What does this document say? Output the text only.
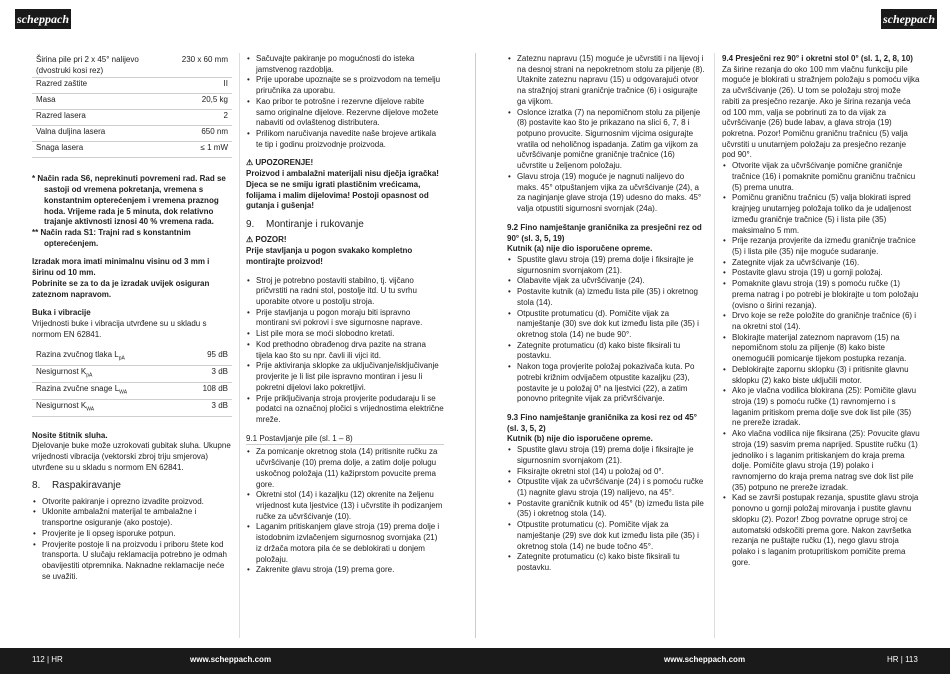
scheppach	scheppach
Širina pile pri 2 x 45° nalijevo (dvostruki kosi rez)	230 x 60 mm
Razred zaštite	II
Masa	20,5 kg
Razred lasera	2
Valna duljina lasera	650 nm
Snaga lasera	≤ 1 mW

* Način rada S6, neprekinuti povremeni rad. Rad se sastoji od vremena pokretanja, vremena s konstantnim opterećenjem i vremena praznog hoda. Vrijeme rada je 5 minuta, dok relativno trajanje aktivnosti iznosi 40 % vremena rada.

** Način rada S1: Trajni rad s konstantnim opterećenjem.

Izradak mora imati minimalnu visinu od 3 mm i širinu od 10 mm.

Pobrinite se za to da je izradak uvijek osiguran zateznom napravom.

Buka i vibracije

Vrijednosti buke i vibracija utvrđene su u skladu s normom EN 62841.

Razina zvučnog tlaka $L_{pA}$	95 dB
Nesigurnost $K_{pA}$	3 dB
Razina zvučne snage $L_{WA}$	108 dB
Nesigurnost $K_{WA}$	3 dB

Nosite štitnik sluha.

Djelovanje buke može uzrokovati gubitak sluha. Ukupne vrijednosti vibracija (vektorski zbroj triju smjerova) utvrđene su u skladu s normom EN 62841.

8. Raspakiravanje
• Otvorite pakiranje i oprezno izvadite proizvod.
• Uklonite ambalažni materijal te ambalažne i transportne osiguranje (ako postoje).
• Provjerite je li opseg isporuke potpun.
• Provjerite postoje li na proizvodu i priboru štete kod transporta. U slučaju reklamacija potrebno je odmah obavijestiti otpremnika. Naknadne reklamacije neće se uvažiti.
• Sačuvajte pakiranje po mogućnosti do isteka jamstvenog razdoblja.
• Prije uporabe upoznajte se s proizvodom na temelju priručnika za uporabu.
• Kao pribor te potrošne i rezervne dijelove rabite samo originalne dijelove. Rezervne dijelove možete nabaviti od ovlaštenog distributera.
• Prilikom naručivanja navedite naše brojeve artikala te tip i godinu proizvodnje proizvoda.

⚠ UPOZORENJE!

Proizvod i ambalažni materijali nisu dječja igračka! Djeca se ne smiju igrati plastičnim vrećicama, folijama i malim dijelovima! Postoji opasnost od gutanja i gušenja!

9. Montiranje i rukovanje

⚠ POZOR!

Prije stavljanja u pogon svakako kompletno montirajte proizvod!

• Stroj je potrebno postaviti stabilno, tj. vijčano pričvrstiti na radni stol, postolje itd. U tu svrhu uporabite otvore u postolju stroja.
• Prije stavljanja u pogon moraju biti ispravno montirani svi pokrovi i sve sigurnosne naprave.
• List pile mora se moći slobodno kretati.
• Kod prethodno obrađenog drva pazite na strana tijela kao što su npr. čavli ili vijci itd.
• Prije aktiviranja sklopke za uključivanje/isključivanje provjerite je li list pile ispravno montiran i jesu li pokretni dijelovi lako pokretljivi.
• Prije priključivanja stroja provjerite podudaraju li se podatci na označnoj pločici s vrijednostima električne mreže.

9.1 Postavljanje pile (sl. 1 – 8)

• Za pomicanje okretnog stola (14) pritisnite ručku za učvršćivanje (10) prema dolje, a zatim dolje polugu uskočnog položaja (11) kažiprstom povucite prema gore.
• Okretni stol (14) i kazaljku (12) okrenite na željenu vrijednost kuta ljestvice (13) i učvrstite ih podizanjem ručke za učvršćivanje (10).
• Laganim pritiskanjem glave stroja (19) prema dolje i istodobnim izvlačenjem sigurnosnog svornjaka (21) iz držača motora pila će se deblokirati u donjem položaju.
• Zakrenite glavu stroja (19) prema gore.
• Zateznu napravu (15) moguće je učvrstiti i na lijevoj i na desnoj strani na nepokretnom stolu za piljenje (8). Utaknite zateznu napravu (15) u odgovarajući otvor na stražnjoj strani graničnje tračnice (6) i osigurajte ga vijkom.
• Oslonce izratka (7) na nepomičnom stolu za piljenje (8) postavite kao što je prikazano na slici 6, 7, 8 i potpuno provucite. Sigurnosnim vijcima osigurajte vratila od neholičnog ispadanja. Zatim ga vijkom za učvršćivanje pomične graničnje tračnice (16) učvrstite u željenom položaju.
• Glavu stroja (19) moguće je nagnuti nalijevo do maks. 45° otpuštanjem vijka za učvršćivanje (24), a za naginjanje glave stroja (19) udesno do maks. 45° valja otpustiti sigurnosni svornjak (24a).

9.2 Fino namještanje graničnika za presječni rez od 90° (sl. 3, 5, 19)

Kutnik (a) nije dio isporučene opreme.

• Spustite glavu stroja (19) prema dolje i fiksirajte je sigurnosnim svornjakom (21).
• Olabavite vijak za učvršćivanje (24).
• Postavite kutnik (a) između lista pile (35) i okretnog stola (14).
• Otpustite protumaticu (d). Pomičite vijak za namještanje (30) sve dok kut između lista pile (35) i okretnog stola (14) ne bude 90°.
• Zategnite protumaticu (d) kako biste fiksirali tu postavku.
• Nakon toga provjerite položaj pokazivača kuta. Po potrebi križnim odvijačem otpustite kazaljku (23), postavite je u položaj 0° na ljestvici (22), a zatim ponovno pritegnite vijak za pričvršćivanje.

9.3 Fino namještanje graničnika za kosi rez od 45° (sl. 3, 5, 2)

Kutnik (b) nije dio isporučene opreme.

• Spustite glavu stroja (19) prema dolje i fiksirajte je sigurnosnim svornjakom (21).
• Fiksirajte okretni stol (14) u položaj od 0°.
• Otpustite vijak za učvršćivanje (24) i s pomoću ručke (1) nagnite glavu stroja (19) nalijevo, na 45°.
• Postavite graničnik kutnik od 45° (b) između lista pile (35) i okretnog stola (14).
• Otpustite protumaticu (c). Pomičite vijak za namještanje (29) sve dok kut između lista pile (35) i okretnog stola (14) ne bude točno 45°.
• Zategnite protumaticu (c) kako biste fiksirali tu postavku.

9.4 Presječni rez 90° i okretni stol 0° (sl. 1, 2, 8, 10)

Za širine rezanja do oko 100 mm vlačnu funkciju pile moguće je blokirati u stražnjem položaju s pomoću vijka za učvršćivanje (26). U tom se položaju stroj može rabiti za presječno rezanje. Ako je širina rezanja veća od 100 mm, valja se pobrinuti za to da vijak za učvršćivanje (26) bude labav, a glava stroja (19) pokretna. Pozor! Pomičnu graničnu tračnicu (5) valja učvrstiti u unutarnjem položaju za presječno rezanje pod 90°.

• Otvorite vijak za učvršćivanje pomične graničnje tračnice (16) i pomaknite pomičnu graničnu tračnicu (5) prema unutra.
• Pomičnu graničnu tračnicu (5) valja blokirati ispred krajnjeg unutarnjeg položaja toliko da je udaljenost između graničnje tračnice (5) i lista pile (35) maksimalno 5 mm.
• Prije rezanja provjerite da između graničnje tračnice (5) i lista pile (35) nije moguće sudaranje.
• Zategnite vijak za učvršćivanje (16).
• Postavite glavu stroja (19) u gornji položaj.
• Pomaknite glavu stroja (19) s pomoću ručke (1) prema natrag i po potrebi je blokirajte u tom položaju (ovisno o širini rezanja).
• Drvo koje se reže položite do graničnje tračnice (6) i na okretni stol (14).
• Blokirajte materijal zateznom napravom (15) na nepomičnom stolu za piljenje (8) kako biste onemogućili pomicanje tijekom postupka rezanja.
• Deblokirajte zapornu sklopku (3) i pritisnite glavnu sklopku (2) kako biste uključili motor.
• Ako je vlačna vodilica blokirana (25): Pomičite glavu stroja (19) s pomoću ručke (1) ravnomjerno i s laganim pritiskom prema dolje sve dok list pile (35) ne prereže izradak.
• Ako vlačna vodilica nije fiksirana (25): Povucite glavu stroja (19) sasvim prema naprijed. Spustite ručku (1) jednoliko i s laganim pritiskanjem do kraja prema dolje. Pomičite glavu stroja (19) polako i ravnomjerno do kraja prema natrag sve dok list pile (35) potpuno ne prereže izradak.
• Kad se završi postupak rezanja, spustite glavu stroja ponovno u gornji položaj mirovanja i pustite glavnu sklopku (2). Pozor! Zbog povratne opruge stroj ce automatski odskočiti prema gore. Nakon završetka rezanja ne puštajte ručku (1), nego glavu stroja polako i s laganim protupritiskom pomičite prema gore.
112 | HR	www.scheppach.com	www.scheppach.com	HR | 113
